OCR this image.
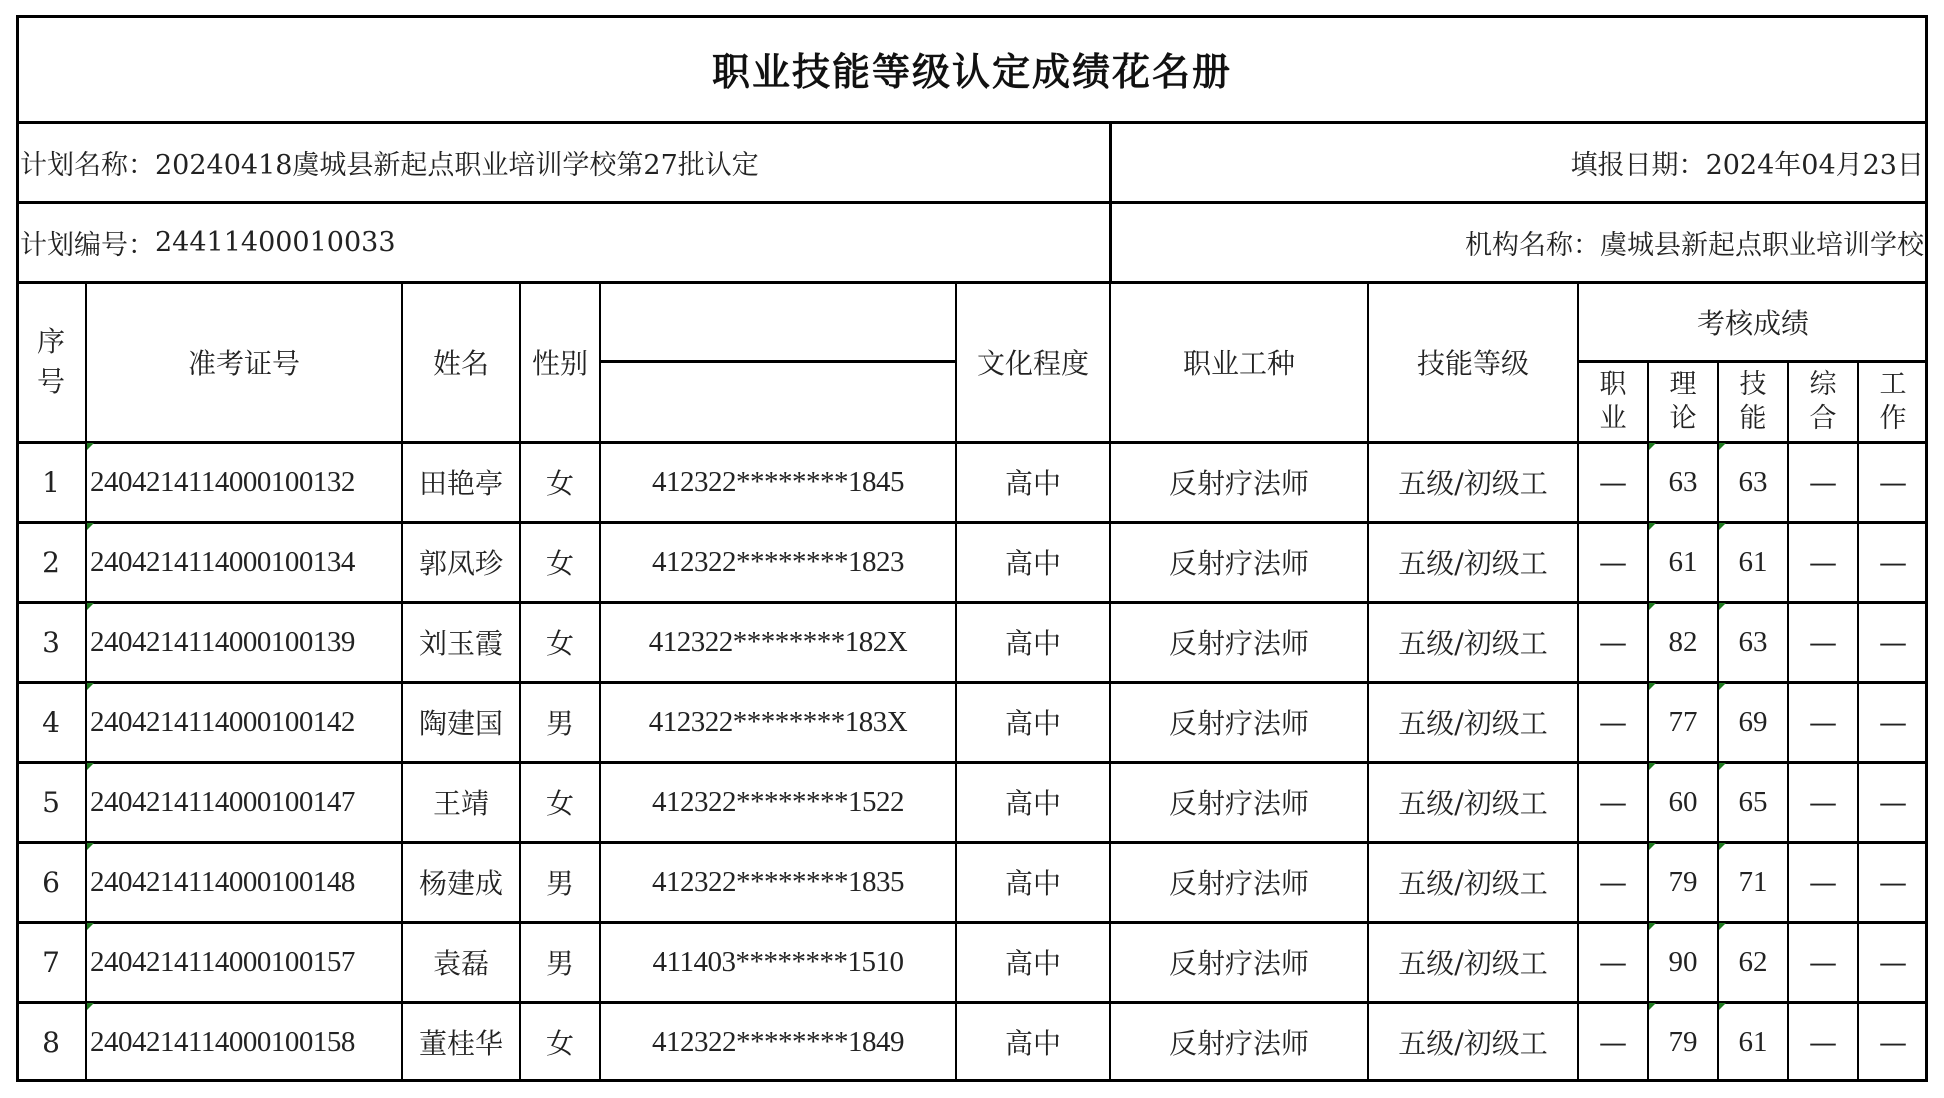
职业技能等级认定成绩花名册
计划名称： 20240418虞城县新起点职业培训学校第27批认定	填报日期： 2024年04月23日
计划编号： 24411400010033	机构名称： 虞城县新起点职业培训学校
序号
准考证号	姓名	性别	文化程度	职业工种	技能等级
考核成绩
职业
理论
技能
综合
工作
1	2404214114000100132	田艳亭	女	412322********1845	高中	反射疗法师	五级/初级工	—	63	63	—	—
2	2404214114000100134	郭凤珍	女	412322********1823	高中	反射疗法师	五级/初级工	—	61	61	—	—
3	2404214114000100139	刘玉霞	女	412322********182X	高中	反射疗法师	五级/初级工	—	82	63	—	—
4	2404214114000100142	陶建国	男	412322********183X	高中	反射疗法师	五级/初级工	—	77	69	—	—
5	2404214114000100147	王靖	女	412322********1522	高中	反射疗法师	五级/初级工	—	60	65	—	—
6	2404214114000100148	杨建成	男	412322********1835	高中	反射疗法师	五级/初级工	—	79	71	—	—
7	2404214114000100157	袁磊	男	411403********1510	高中	反射疗法师	五级/初级工	—	90	62	—	—
8	2404214114000100158	董桂华	女	412322********1849	高中	反射疗法师	五级/初级工	—	79	61	—	—
